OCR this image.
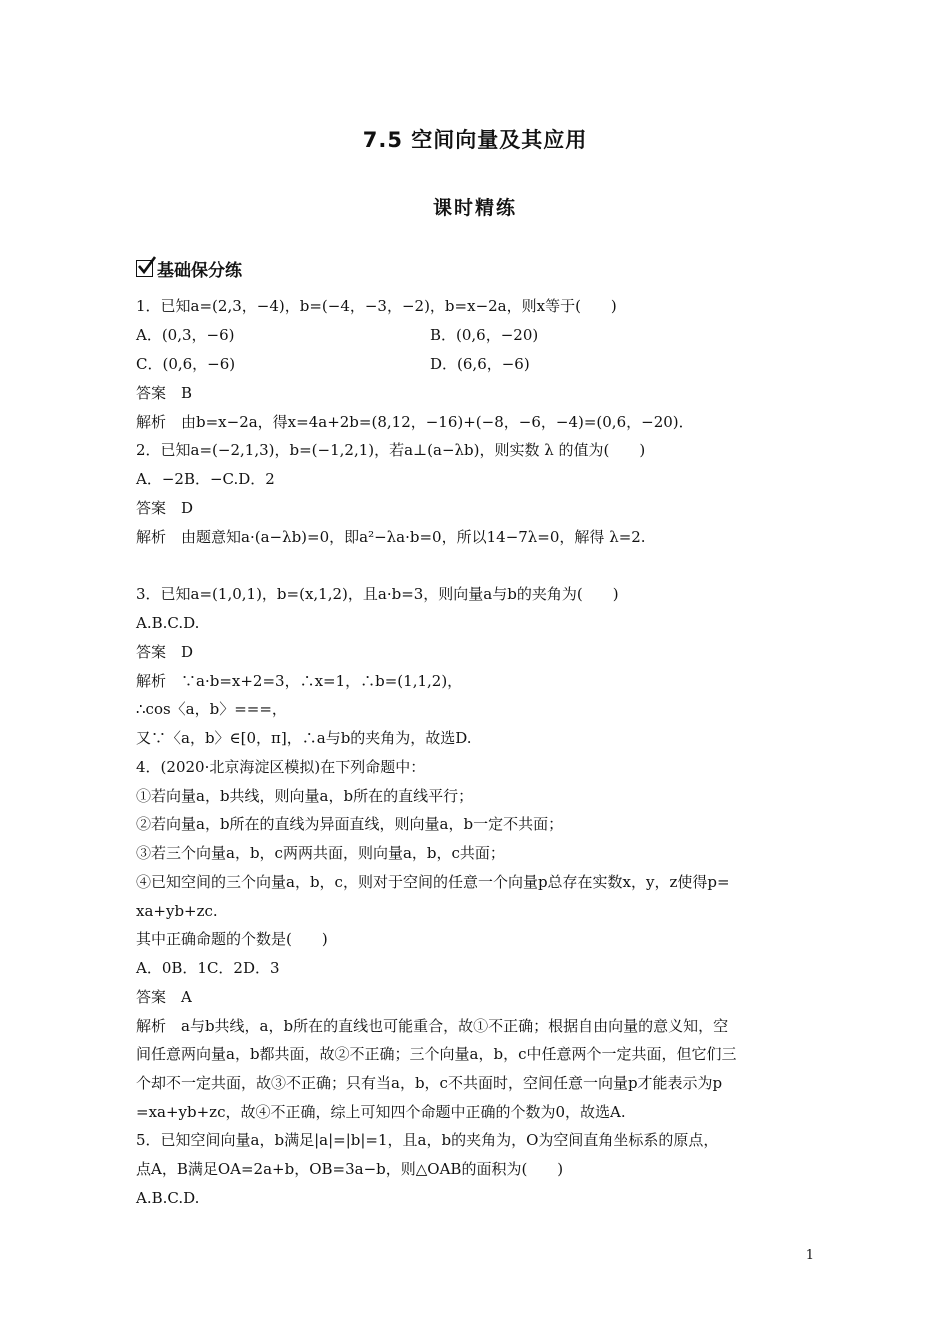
7.5 空间向量及其应用
课时精练
基础保分练
1．已知a=(2,3，−4)，b=(−4，−3，−2)，b=x−2a，则x等于(　　)
A．(0,3，−6)	B．(0,6，−20)
C．(0,6，−6)	D．(6,6，−6)
答案　B
解析　由b=x−2a，得x=4a+2b=(8,12，−16)+(−8，−6，−4)=(0,6，−20)．
2．已知a=(−2,1,3)，b=(−1,2,1)，若a⊥(a−λb)，则实数 λ 的值为(　　)
A．−2B．−C.D．2
答案　D
解析　由题意知a·(a−λb)=0，即a²−λa·b=0，所以14−7λ=0，解得 λ=2.
3．已知a=(1,0,1)，b=(x,1,2)，且a·b=3，则向量a与b的夹角为(　　)
A.B.C.D.
答案　D
解析　∵a·b=x+2=3，∴x=1，∴b=(1,1,2)，
∴cos〈a，b〉===，
又∵〈a，b〉∈[0，π]，∴a与b的夹角为，故选D.
4．(2020·北京海淀区模拟)在下列命题中：
①若向量a，b共线，则向量a，b所在的直线平行；
②若向量a，b所在的直线为异面直线，则向量a，b一定不共面；
③若三个向量a，b，c两两共面，则向量a，b，c共面；
④已知空间的三个向量a，b，c，则对于空间的任意一个向量p总存在实数x，y，z使得p=
xa+yb+zc.
其中正确命题的个数是(　　)
A．0B．1C．2D．3
答案　A
解析　a与b共线，a，b所在的直线也可能重合，故①不正确；根据自由向量的意义知，空
间任意两向量a，b都共面，故②不正确；三个向量a，b，c中任意两个一定共面，但它们三
个却不一定共面，故③不正确；只有当a，b，c不共面时，空间任意一向量p才能表示为p
=xa+yb+zc，故④不正确，综上可知四个命题中正确的个数为0，故选A.
5．已知空间向量a，b满足|a|=|b|=1，且a，b的夹角为，O为空间直角坐标系的原点，
点A，B满足OA=2a+b，OB=3a−b，则△OAB的面积为(　　)
A.B.C.D.
1
